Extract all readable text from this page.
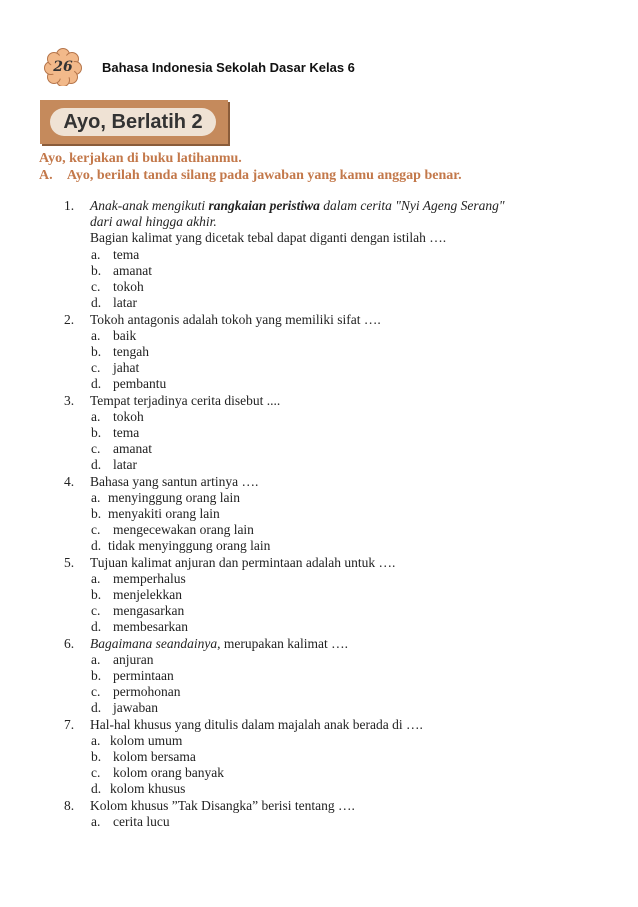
26 Bahasa Indonesia Sekolah Dasar Kelas 6
Ayo, Berlatih 2
Ayo, kerjakan di buku latihanmu.
A. Ayo, berilah tanda silang pada jawaban yang kamu anggap benar.
1. Anak-anak mengikuti rangkaian peristiwa dalam cerita "Nyi Ageng Serang"
dari awal hingga akhir.
Bagian kalimat yang dicetak tebal dapat diganti dengan istilah ….
a. tema
b. amanat
c. tokoh
d. latar
2. Tokoh antagonis adalah tokoh yang memiliki sifat ….
a. baik
b. tengah
c. jahat
d. pembantu
3. Tempat terjadinya cerita disebut ....
a. tokoh
b. tema
c. amanat
d. latar
4. Bahasa yang santun artinya ….
a. menyinggung orang lain
b. menyakiti orang lain
c. mengecewakan orang lain
d. tidak menyinggung orang lain
5. Tujuan kalimat anjuran dan permintaan adalah untuk ….
a. memperhalus
b. menjelekkan
c. mengasarkan
d. membesarkan
6. Bagaimana seandainya, merupakan kalimat ….
a. anjuran
b. permintaan
c. permohonan
d. jawaban
7. Hal-hal khusus yang ditulis dalam majalah anak berada di ….
a. kolom umum
b. kolom bersama
c. kolom orang banyak
d. kolom khusus
8. Kolom khusus ”Tak Disangka” berisi tentang ….
a. cerita lucu
